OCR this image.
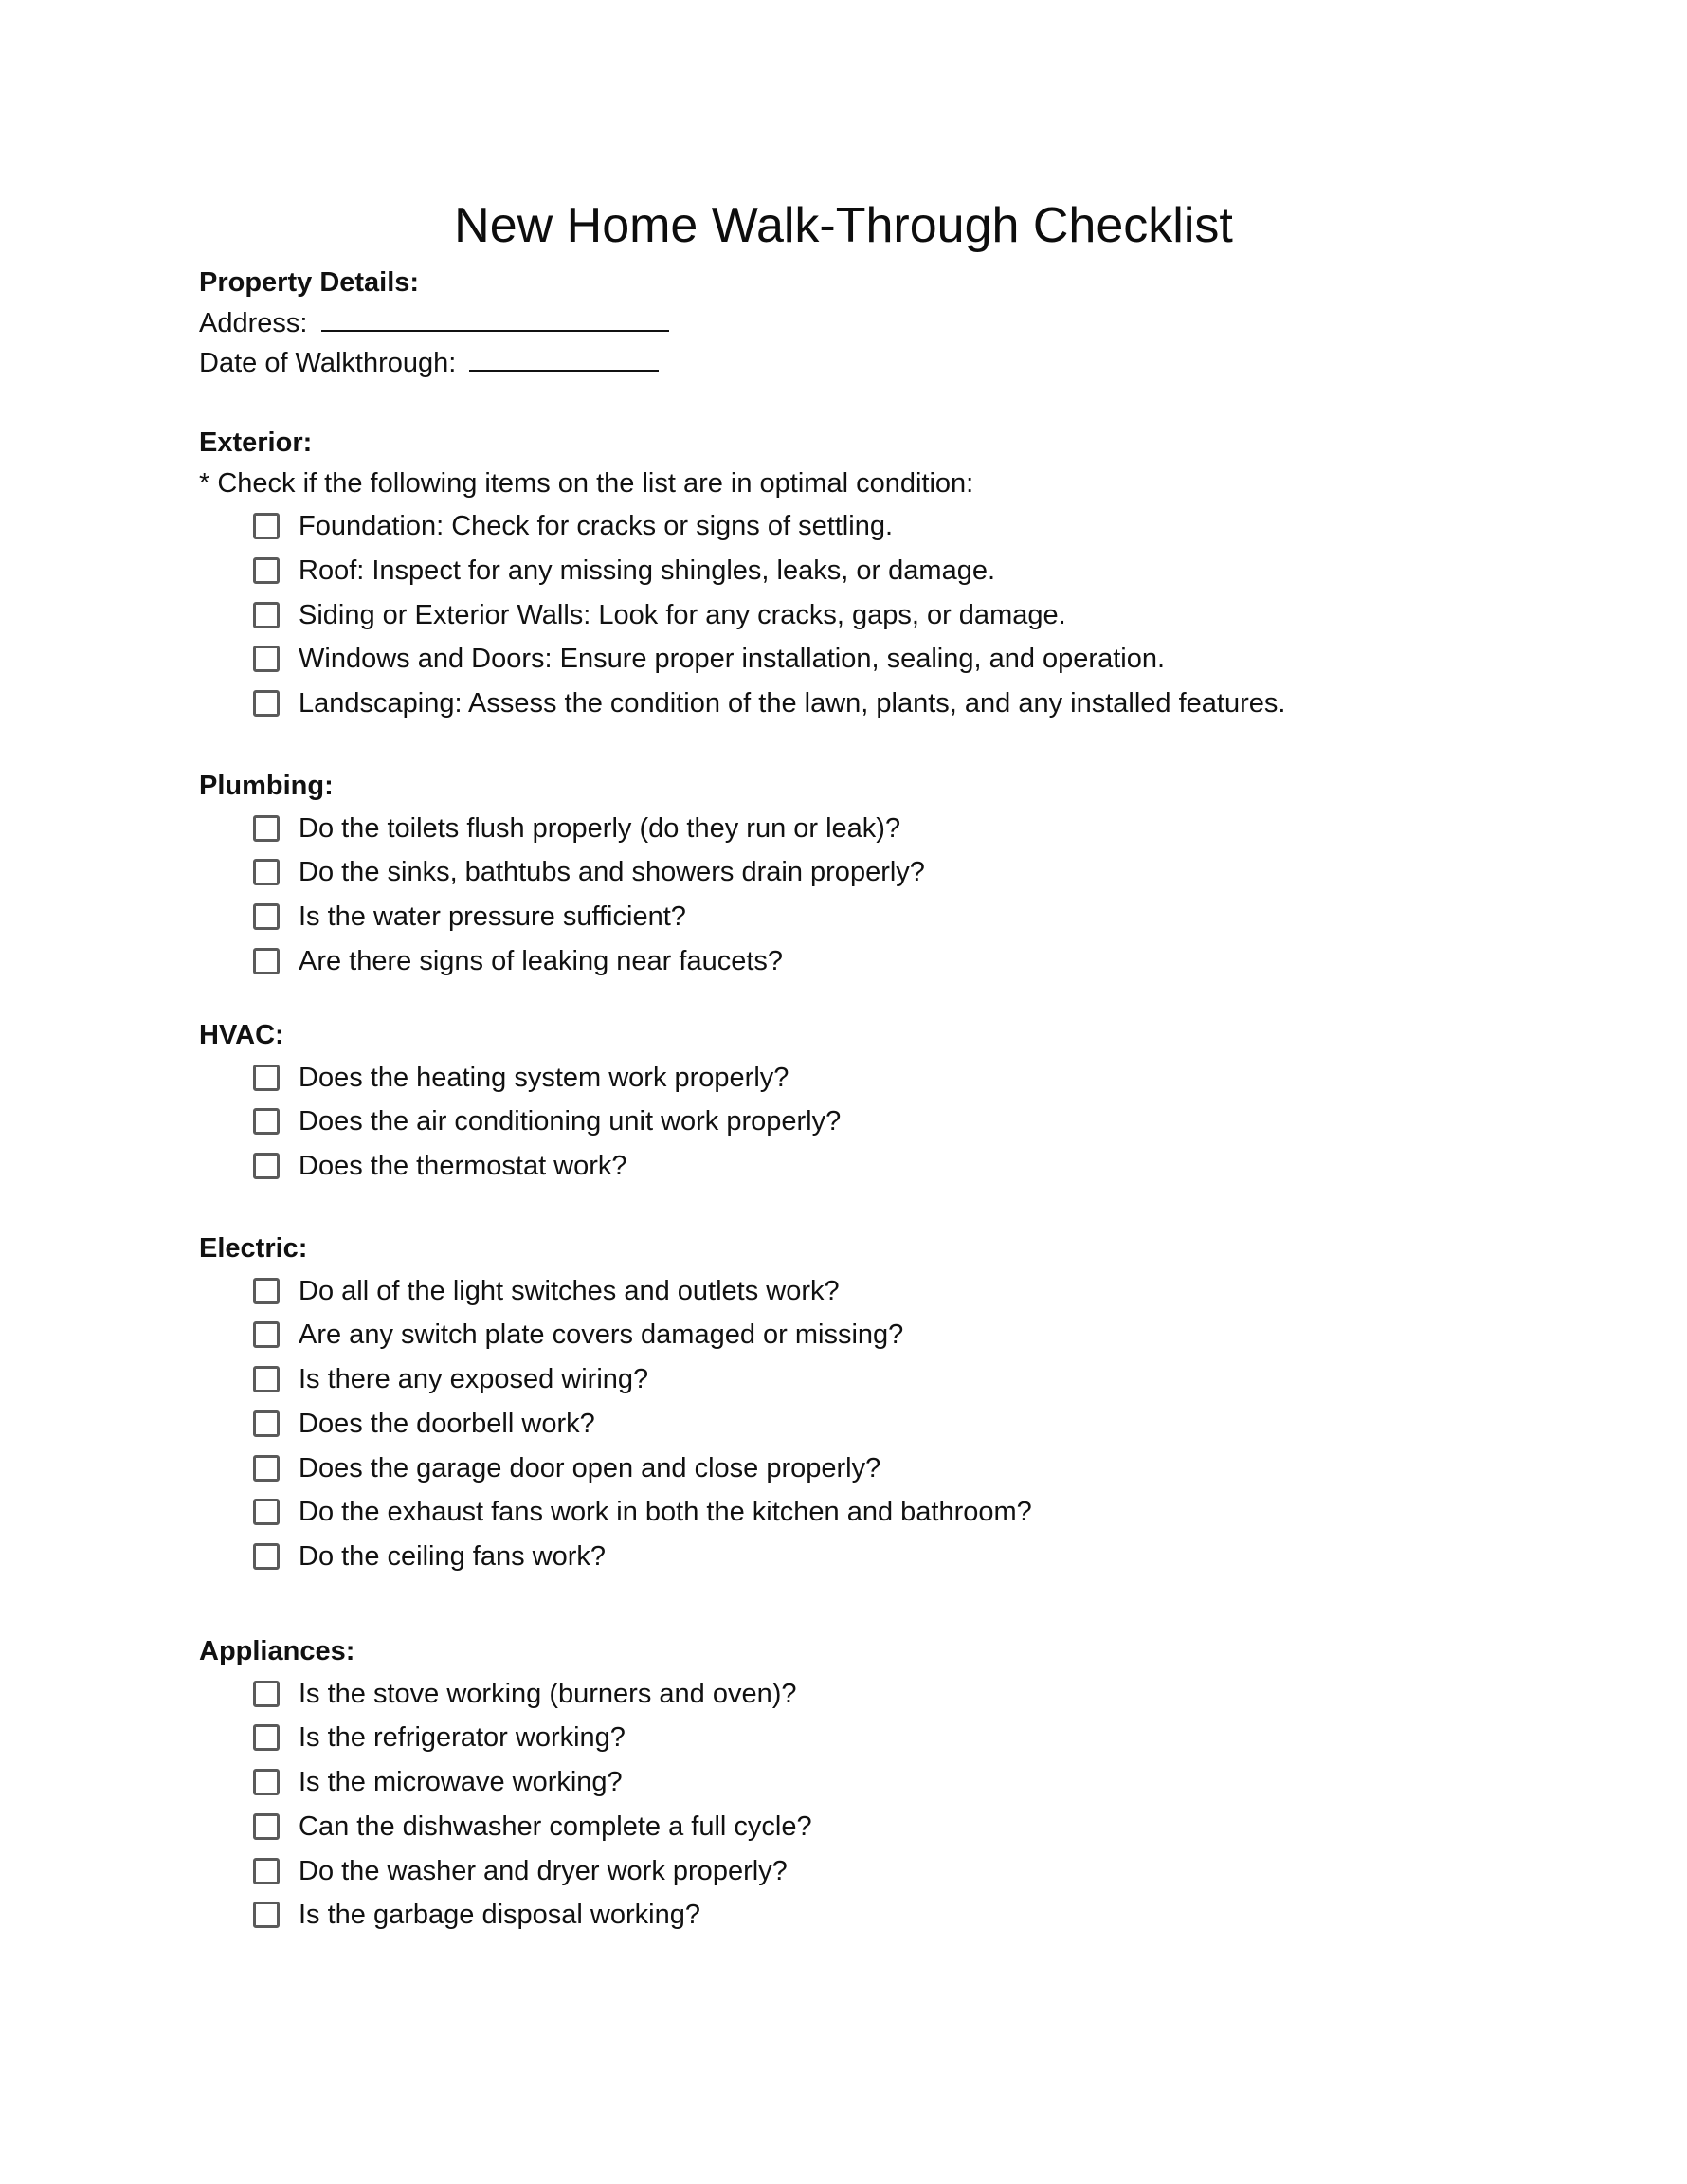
New Home Walk-Through Checklist
Property Details:
Address:
Date of Walkthrough:
Exterior:
* Check if the following items on the list are in optimal condition:
Foundation: Check for cracks or signs of settling.
Roof: Inspect for any missing shingles, leaks, or damage.
Siding or Exterior Walls: Look for any cracks, gaps, or damage.
Windows and Doors: Ensure proper installation, sealing, and operation.
Landscaping: Assess the condition of the lawn, plants, and any installed features.
Plumbing:
Do the toilets flush properly (do they run or leak)?
Do the sinks, bathtubs and showers drain properly?
Is the water pressure sufficient?
Are there signs of leaking near faucets?
HVAC:
Does the heating system work properly?
Does the air conditioning unit work properly?
Does the thermostat work?
Electric:
Do all of the light switches and outlets work?
Are any switch plate covers damaged or missing?
Is there any exposed wiring?
Does the doorbell work?
Does the garage door open and close properly?
Do the exhaust fans work in both the kitchen and bathroom?
Do the ceiling fans work?
Appliances:
Is the stove working (burners and oven)?
Is the refrigerator working?
Is the microwave working?
Can the dishwasher complete a full cycle?
Do the washer and dryer work properly?
Is the garbage disposal working?
